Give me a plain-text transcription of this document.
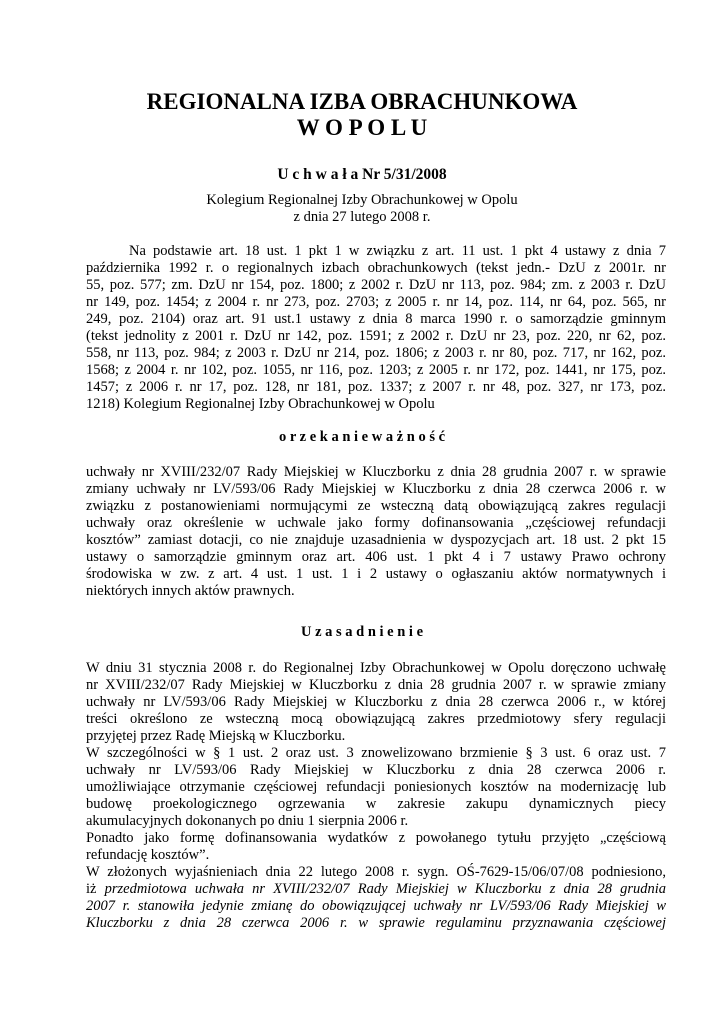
REGIONALNA IZBA OBRACHUNKOWA
W O P O L U
U c h w a ł a Nr 5/31/2008
Kolegium Regionalnej Izby Obrachunkowej w Opolu
z dnia 27 lutego 2008 r.
Na podstawie art. 18 ust. 1 pkt 1 w związku z art. 11 ust. 1 pkt 4 ustawy z dnia 7
października 1992 r. o regionalnych izbach obrachunkowych (tekst jedn.- DzU z 2001r. nr
55, poz. 577; zm. DzU nr 154, poz. 1800; z 2002 r. DzU nr 113, poz. 984; zm. z 2003 r. DzU
nr 149, poz. 1454; z 2004 r. nr 273, poz. 2703; z 2005 r. nr 14, poz. 114, nr 64, poz. 565, nr
249, poz. 2104) oraz art. 91 ust.1 ustawy z dnia 8 marca 1990 r. o samorządzie gminnym
(tekst jednolity z 2001 r. DzU nr 142, poz. 1591; z 2002 r. DzU nr 23, poz. 220, nr 62, poz.
558, nr 113, poz. 984; z 2003 r. DzU nr 214, poz. 1806; z 2003 r. nr 80, poz. 717, nr 162, poz.
1568; z 2004 r. nr 102, poz. 1055, nr 116, poz. 1203; z 2005 r. nr 172, poz. 1441, nr 175, poz.
1457; z 2006 r. nr 17, poz. 128, nr 181, poz. 1337; z 2007 r. nr 48, poz. 327, nr 173, poz.
1218) Kolegium Regionalnej Izby Obrachunkowej w Opolu
o r z e k a n i e w a ż n o ś ć
uchwały nr XVIII/232/07 Rady Miejskiej w Kluczborku z dnia 28 grudnia 2007 r. w sprawie
zmiany uchwały nr LV/593/06 Rady Miejskiej w Kluczborku z dnia 28 czerwca 2006 r. w
związku z postanowieniami normującymi ze wsteczną datą obowiązującą zakres regulacji
uchwały oraz określenie w uchwale jako formy dofinansowania „częściowej refundacji
kosztów” zamiast dotacji, co nie znajduje uzasadnienia w dyspozycjach art. 18 ust. 2 pkt 15
ustawy o samorządzie gminnym oraz art. 406 ust. 1 pkt 4 i 7 ustawy Prawo ochrony
środowiska w zw. z art. 4 ust. 1 ust. 1 i 2 ustawy o ogłaszaniu aktów normatywnych i
niektórych innych aktów prawnych.
U z a s a d n i e n i e
W dniu 31 stycznia 2008 r. do Regionalnej Izby Obrachunkowej w Opolu doręczono uchwałę
nr XVIII/232/07 Rady Miejskiej w Kluczborku z dnia 28 grudnia 2007 r. w sprawie zmiany
uchwały nr LV/593/06 Rady Miejskiej w Kluczborku z dnia 28 czerwca 2006 r., w której
treści określono ze wsteczną mocą obowiązującą zakres przedmiotowy sfery regulacji
przyjętej przez Radę Miejską w Kluczborku.
W szczególności w § 1 ust. 2 oraz ust. 3 znowelizowano brzmienie § 3 ust. 6 oraz ust. 7
uchwały nr LV/593/06 Rady Miejskiej w Kluczborku z dnia 28 czerwca 2006 r.
umożliwiające otrzymanie częściowej refundacji poniesionych kosztów na modernizację lub
budowę proekologicznego ogrzewania w zakresie zakupu dynamicznych piecy
akumulacyjnych dokonanych po dniu 1 sierpnia 2006 r.
Ponadto jako formę dofinansowania wydatków z powołanego tytułu przyjęto „częściową
refundację kosztów”.
W złożonych wyjaśnieniach dnia 22 lutego 2008 r. sygn. OŚ-7629-15/06/07/08 podniesiono,
iż przedmiotowa uchwała nr XVIII/232/07 Rady Miejskiej w Kluczborku z dnia 28 grudnia
2007 r. stanowiła jedynie zmianę do obowiązującej uchwały nr LV/593/06 Rady Miejskiej w
Kluczborku z dnia 28 czerwca 2006 r. w sprawie regulaminu przyznawania częściowej
